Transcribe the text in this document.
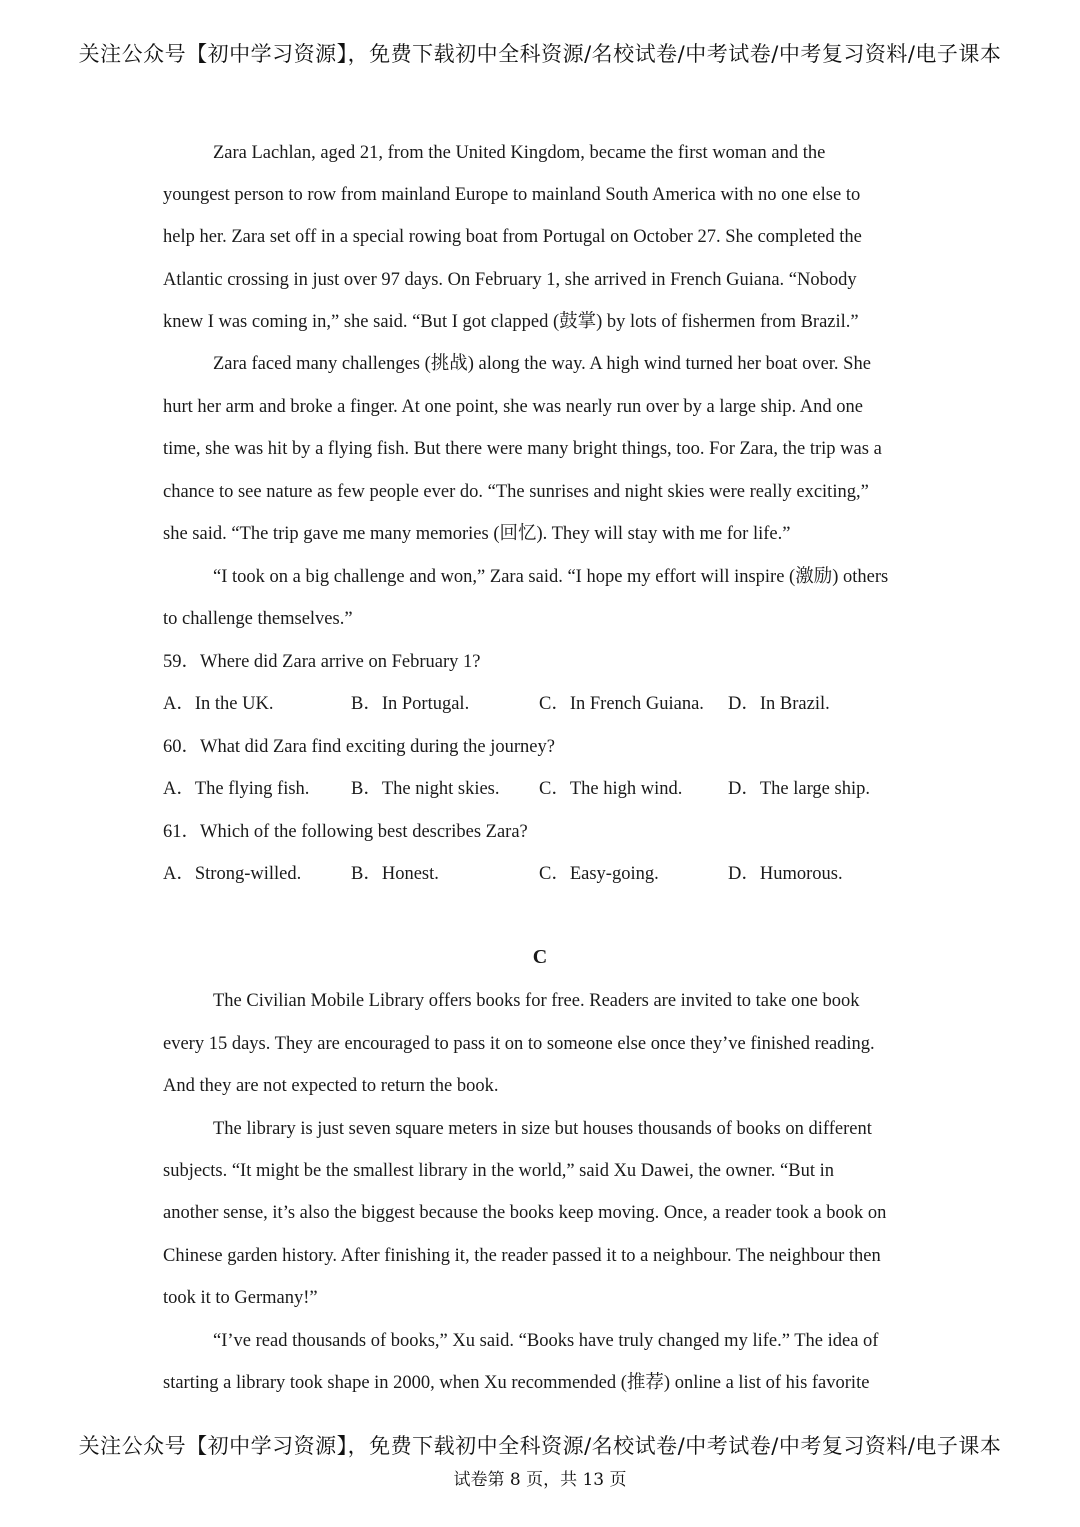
关注公众号【初中学习资源】，免费下载初中全科资源/名校试卷/中考试卷/中考复习资料/电子课本
Zara Lachlan, aged 21, from the United Kingdom, became the first woman and the
youngest person to row from mainland Europe to mainland South America with no one else to
help her. Zara set off in a special rowing boat from Portugal on October 27. She completed the
Atlantic crossing in just over 97 days. On February 1, she arrived in French Guiana. “Nobody
knew I was coming in,” she said. “But I got clapped (鼓掌) by lots of fishermen from Brazil.”
Zara faced many challenges (挑战) along the way. A high wind turned her boat over. She
hurt her arm and broke a finger. At one point, she was nearly run over by a large ship. And one
time, she was hit by a flying fish. But there were many bright things, too. For Zara, the trip was a
chance to see nature as few people ever do. “The sunrises and night skies were really exciting,”
she said. “The trip gave me many memories (回忆). They will stay with me for life.”
“I took on a big challenge and won,” Zara said. “I hope my effort will inspire (激励) others
to challenge themselves.”
59．Where did Zara arrive on February 1?
A．In the UK.	B．In Portugal.	C．In French Guiana. D．In Brazil.
60．What did Zara find exciting during the journey?
A．The flying fish. B．The night skies. C．The high wind. D．The large ship.
61．Which of the following best describes Zara?
A．Strong-willed.	B．Honest.	C．Easy-going.	D．Humorous.
C
The Civilian Mobile Library offers books for free. Readers are invited to take one book
every 15 days. They are encouraged to pass it on to someone else once they’ve finished reading.
And they are not expected to return the book.
The library is just seven square meters in size but houses thousands of books on different
subjects. “It might be the smallest library in the world,” said Xu Dawei, the owner. “But in
another sense, it’s also the biggest because the books keep moving. Once, a reader took a book on
Chinese garden history. After finishing it, the reader passed it to a neighbour. The neighbour then
took it to Germany!”
“I’ve read thousands of books,” Xu said. “Books have truly changed my life.” The idea of
starting a library took shape in 2000, when Xu recommended (推荐) online a list of his favorite
关注公众号【初中学习资源】，免费下载初中全科资源/名校试卷/中考试卷/中考复习资料/电子课本
试卷第 8 页，共 13 页
